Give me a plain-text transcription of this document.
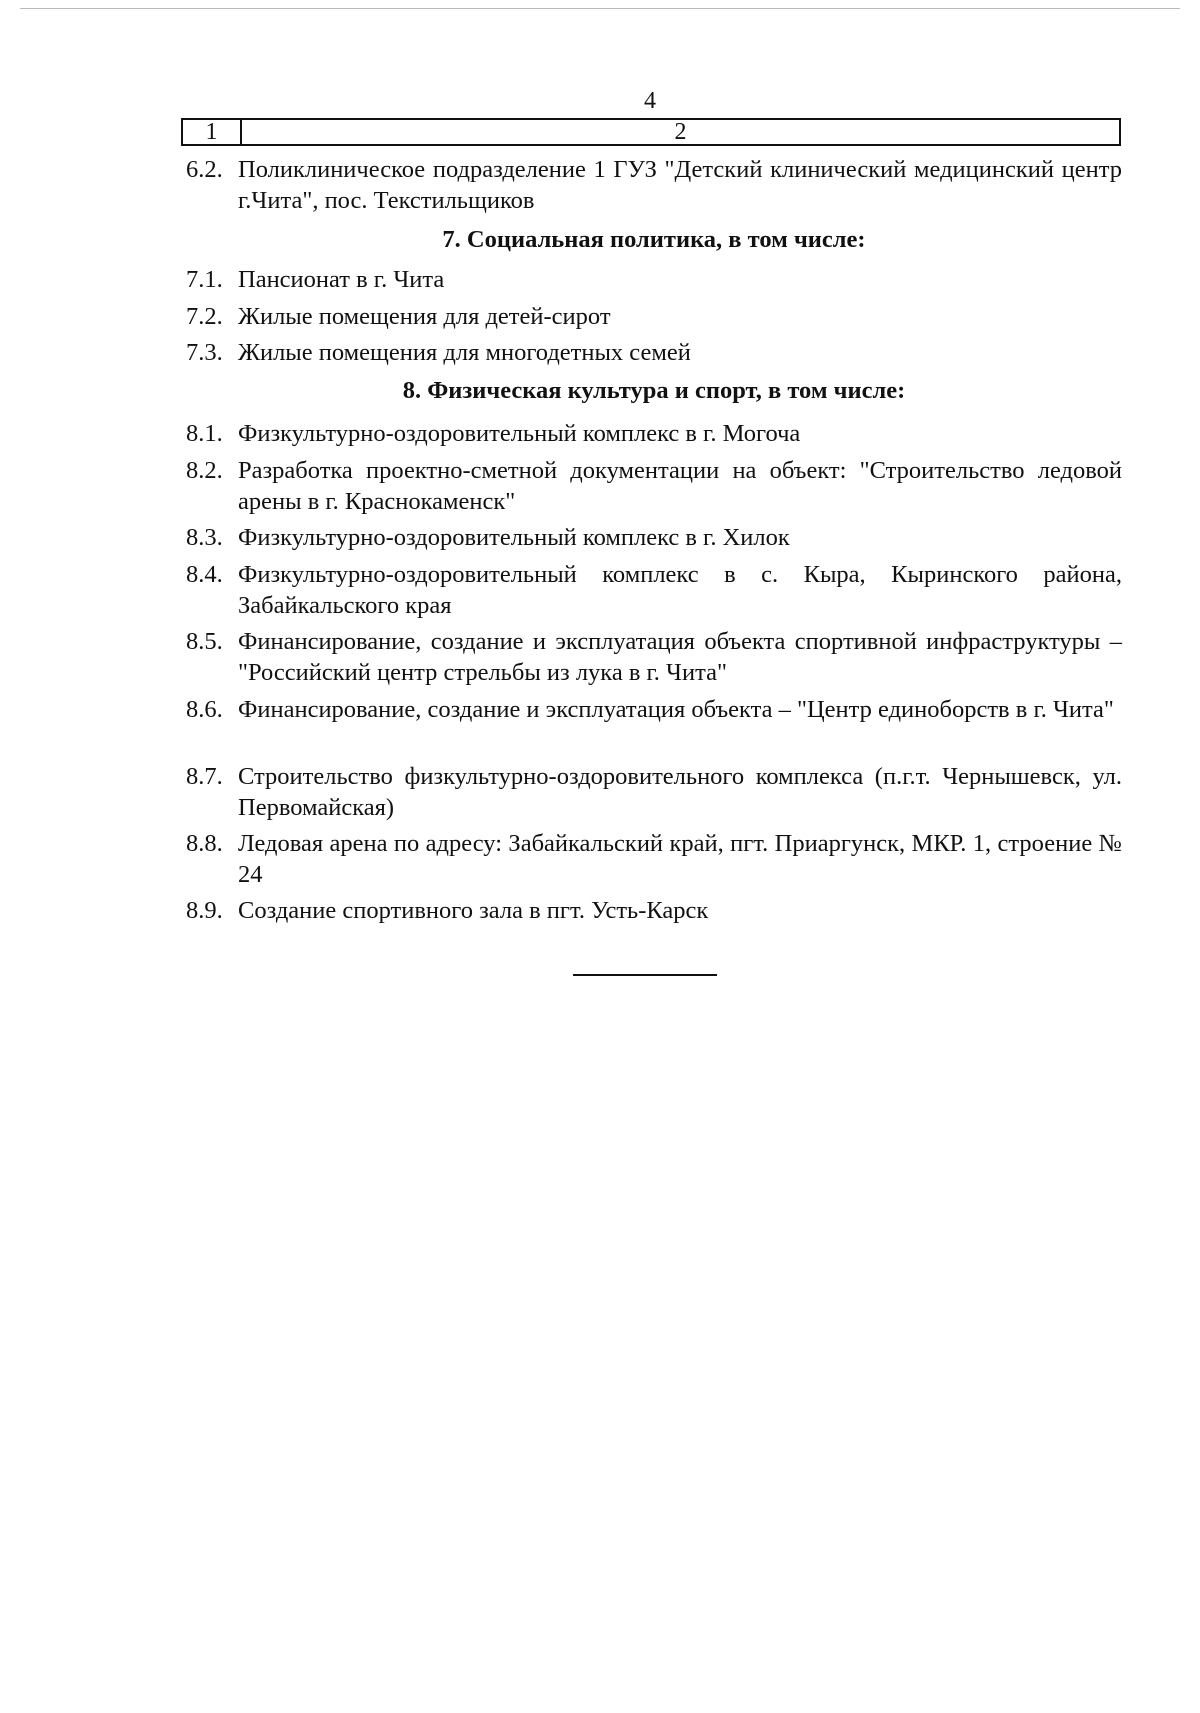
4
1	2
6.2. Поликлиническое подразделение 1 ГУЗ "Детский клинический медицинский центр г.Чита", пос. Текстильщиков
7. Социальная политика, в том числе:
7.1. Пансионат в г. Чита
7.2. Жилые помещения для детей-сирот
7.3. Жилые помещения для многодетных семей
8. Физическая культура и спорт, в том числе:
8.1. Физкультурно-оздоровительный комплекс в г. Могоча
8.2. Разработка проектно-сметной документации на объект: "Строительство ледовой арены в г. Краснокаменск"
8.3. Физкультурно-оздоровительный комплекс в г. Хилок
8.4. Физкультурно-оздоровительный комплекс в с. Кыра, Кыринского района, Забайкальского края
8.5. Финансирование, создание и эксплуатация объекта спортивной инфраструктуры – "Российский центр стрельбы из лука в г. Чита"
8.6. Финансирование, создание и эксплуатация объекта – "Центр единоборств в г. Чита"
8.7. Строительство физкультурно-оздоровительного комплекса (п.г.т. Чернышевск, ул. Первомайская)
8.8. Ледовая арена по адресу: Забайкальский край, пгт. Приаргунск, МКР. 1, строение № 24
8.9. Создание спортивного зала в пгт. Усть-Карск
